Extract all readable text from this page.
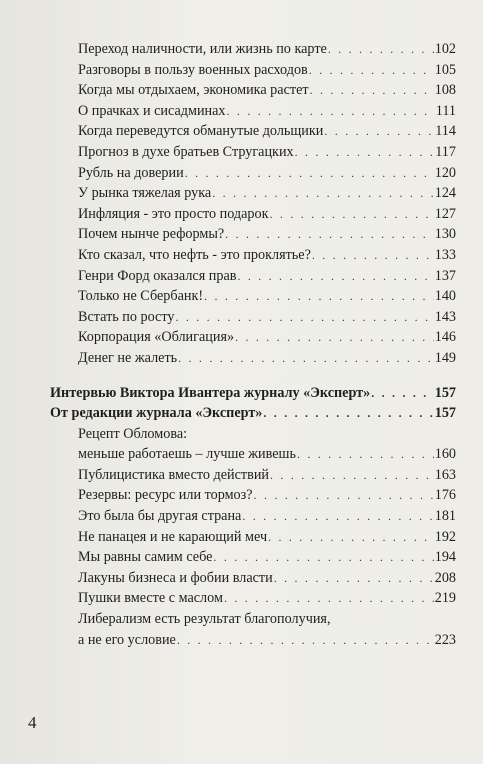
Переход наличности, или жизнь по карте . . .	102
Разговоры в пользу военных расходов . . .	105
Когда мы отдыхаем, экономика растет . . .	108
О прачках и сисадминах . . .	111
Когда переведутся обманутые дольщики . . .	114
Прогноз в духе братьев Стругацких . . .	117
Рубль на доверии . . .	120
У рынка тяжелая рука . . .	124
Инфляция - это просто подарок . . .	127
Почем нынче реформы? . . .	130
Кто сказал, что нефть - это проклятье? . . .	133
Генри Форд оказался прав . . .	137
Только не Сбербанк! . . .	140
Встать по росту . . .	143
Корпорация «Облигация» . . .	146
Денег не жалеть . . .	149
Интервью Виктора Ивантера журналу «Эксперт» . . .	157
От редакции журнала «Эксперт» . . .	157
Рецепт Обломова:
меньше работаешь – лучше живешь . . .	160
Публицистика вместо действий . . .	163
Резервы: ресурс или тормоз? . . .	176
Это была бы другая страна . . .	181
Не панацея и не карающий меч . . .	192
Мы равны самим себе . . .	194
Лакуны бизнеса и фобии власти . . .	208
Пушки вместе с маслом . . .	219
Либерализм есть результат благополучия,
а не его условие . . .	223
4
